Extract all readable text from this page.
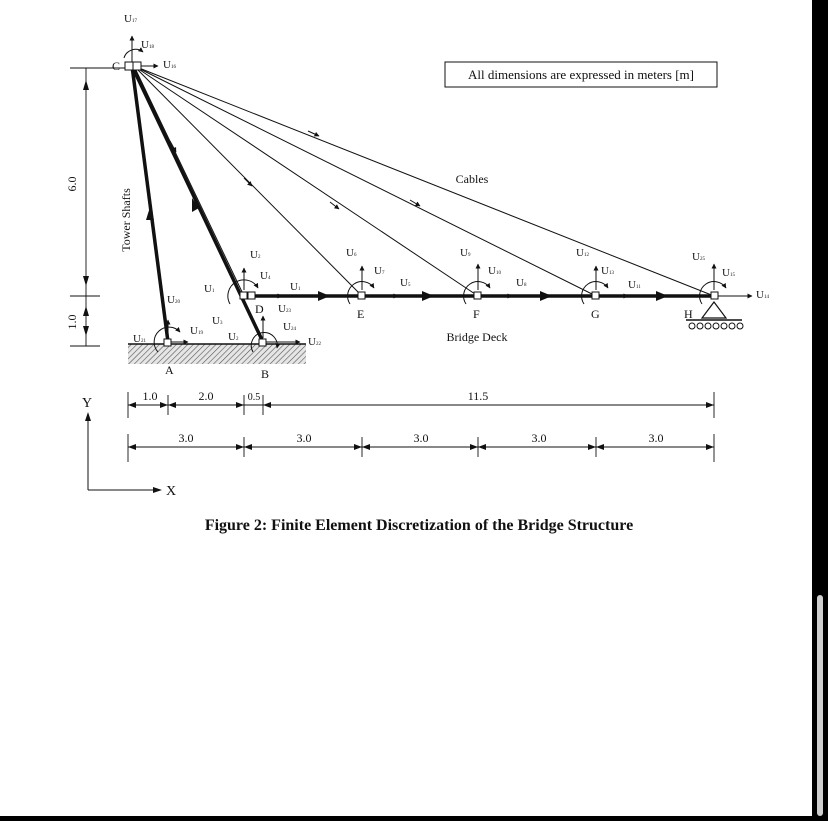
All dimensions are expressed in meters [m]
6.0
1.0
Tower Shafts
Cables
Bridge Deck
C
A	B
D	E	F	G	H
U17
U18
U16
U20
U21
U19
U3
U2
U1
U2
U4
U1
U23
U24
U22
U6
U7
U5
U9
U10
U8
U12
U13
U11
U25
U15
U14
1.0	2.0	0.5	11.5
3.0	3.0	3.0	3.0	3.0
Y
X
Figure 2: Finite Element Discretization of the Bridge Structure
